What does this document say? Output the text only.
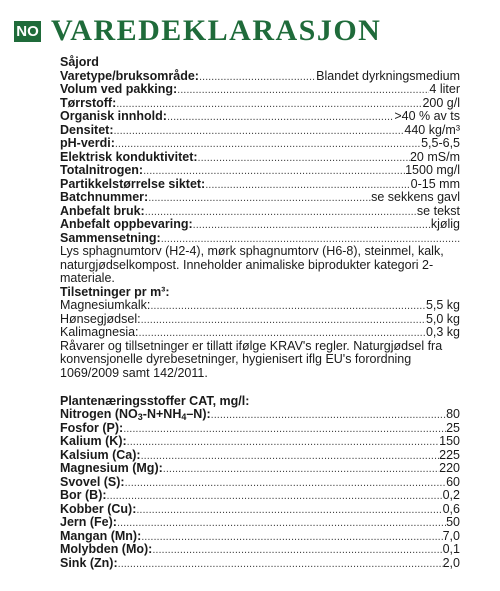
NO VAREDEKLARASJON
Såjord
Varetype/bruksområde: .....	Blandet dyrkningsmedium
Volum ved pakking: .....	4 liter
Tørrstoff: .....	200 g/l
Organisk innhold: .....	>40 % av ts
Densitet: .....	440 kg/m³
pH-verdi: .....	5,5-6,5
Elektrisk konduktivitet: .....	20 mS/m
Totalnitrogen: .....	1500 mg/l
Partikkelstørrelse siktet: .....	0-15 mm
Batchnummer: .....	se sekkens gavl
Anbefalt bruk: .....	se tekst
Anbefalt oppbevaring: .....	kjølig
Sammensetning:
.....

Lys sphagnumtorv (H2-4), mørk sphagnumtorv (H6-8), steinmel, kalk, naturgjødselkompost. Inneholder animaliske biprodukter kategori 2-materiale.

Tilsetninger pr m³:
Magnesiumkalk: .....	5,5 kg
Hønsegjødsel: .....	5,0 kg
Kalimagnesia: .....	0,3 kg

Råvarer og tillsetninger er tillatt ifølge KRAV's regler. Naturgjødsel fra konvensjonelle dyrebesetninger, hygienisert iflg EU's forordning 1069/2009 samt 142/2011.

Plantenæringsstoffer CAT, mg/l:
Nitrogen $(NO_3-N+NH_4-N)$: .....	80
Fosfor (P): .....	25
Kalium (K): .....	150
Kalsium (Ca): .....	225
Magnesium (Mg): .....	220
Svovel (S): .....	60
Bor (B): .....	0,2
Kobber (Cu): .....	0,6
Jern (Fe): .....	50
Mangan (Mn): .....	7,0
Molybden (Mo): .....	0,1
Sink (Zn): .....	2,0
